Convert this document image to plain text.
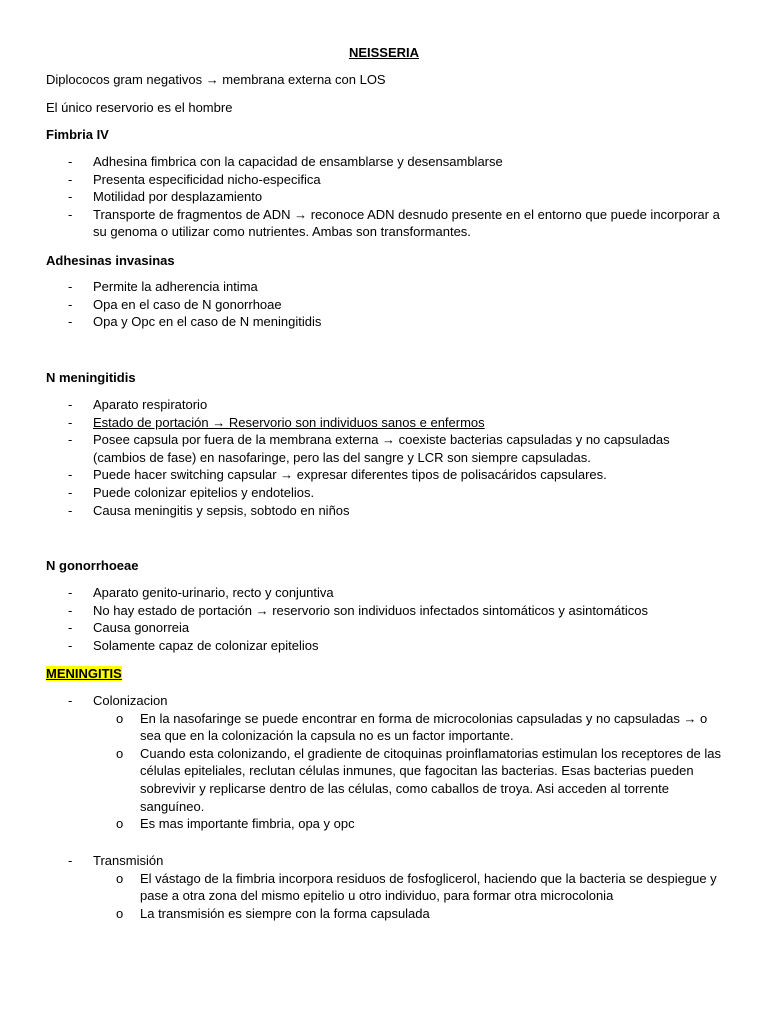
NEISSERIA
Diplococos gram negativos → membrana externa con LOS
El único reservorio es el hombre
Fimbria IV
- Adhesina fimbrica con la capacidad de ensamblarse y desensamblarse
- Presenta especificidad nicho-especifica
- Motilidad por desplazamiento
- Transporte de fragmentos de ADN → reconoce ADN desnudo presente en el entorno que puede incorporar a su genoma o utilizar como nutrientes. Ambas son transformantes.
Adhesinas invasinas
- Permite la adherencia intima
- Opa en el caso de N gonorrhoae
- Opa y Opc en el caso de N meningitidis
N meningitidis
- Aparato respiratorio
- Estado de portación → Reservorio son individuos sanos e enfermos
- Posee capsula por fuera de la membrana externa → coexiste bacterias capsuladas y no capsuladas (cambios de fase) en nasofaringe, pero las del sangre y LCR son siempre capsuladas.
- Puede hacer switching capsular → expresar diferentes tipos de polisacáridos capsulares.
- Puede colonizar epitelios y endotelios.
- Causa meningitis y sepsis, sobtodo en niños
N gonorrhoeae
- Aparato genito-urinario, recto y conjuntiva
- No hay estado de portación → reservorio son individuos infectados sintomáticos y asintomáticos
- Causa gonorreia
- Solamente capaz de colonizar epitelios
MENINGITIS
- Colonizacion
o En la nasofaringe se puede encontrar en forma de microcolonias capsuladas y no capsuladas → o sea que en la colonización la capsula no es un factor importante.
o Cuando esta colonizando, el gradiente de citoquinas proinflamatorias estimulan los receptores de las células epiteliales, reclutan células inmunes, que fagocitan las bacterias. Esas bacterias pueden sobrevivir y replicarse dentro de las células, como caballos de troya. Asi acceden al torrente sanguíneo.
o Es mas importante fimbria, opa y opc
- Transmisión
o El vástago de la fimbria incorpora residuos de fosfoglicerol, haciendo que la bacteria se despiegue y pase a otra zona del mismo epitelio u otro individuo, para formar otra microcolonia
o La transmisión es siempre con la forma capsulada
